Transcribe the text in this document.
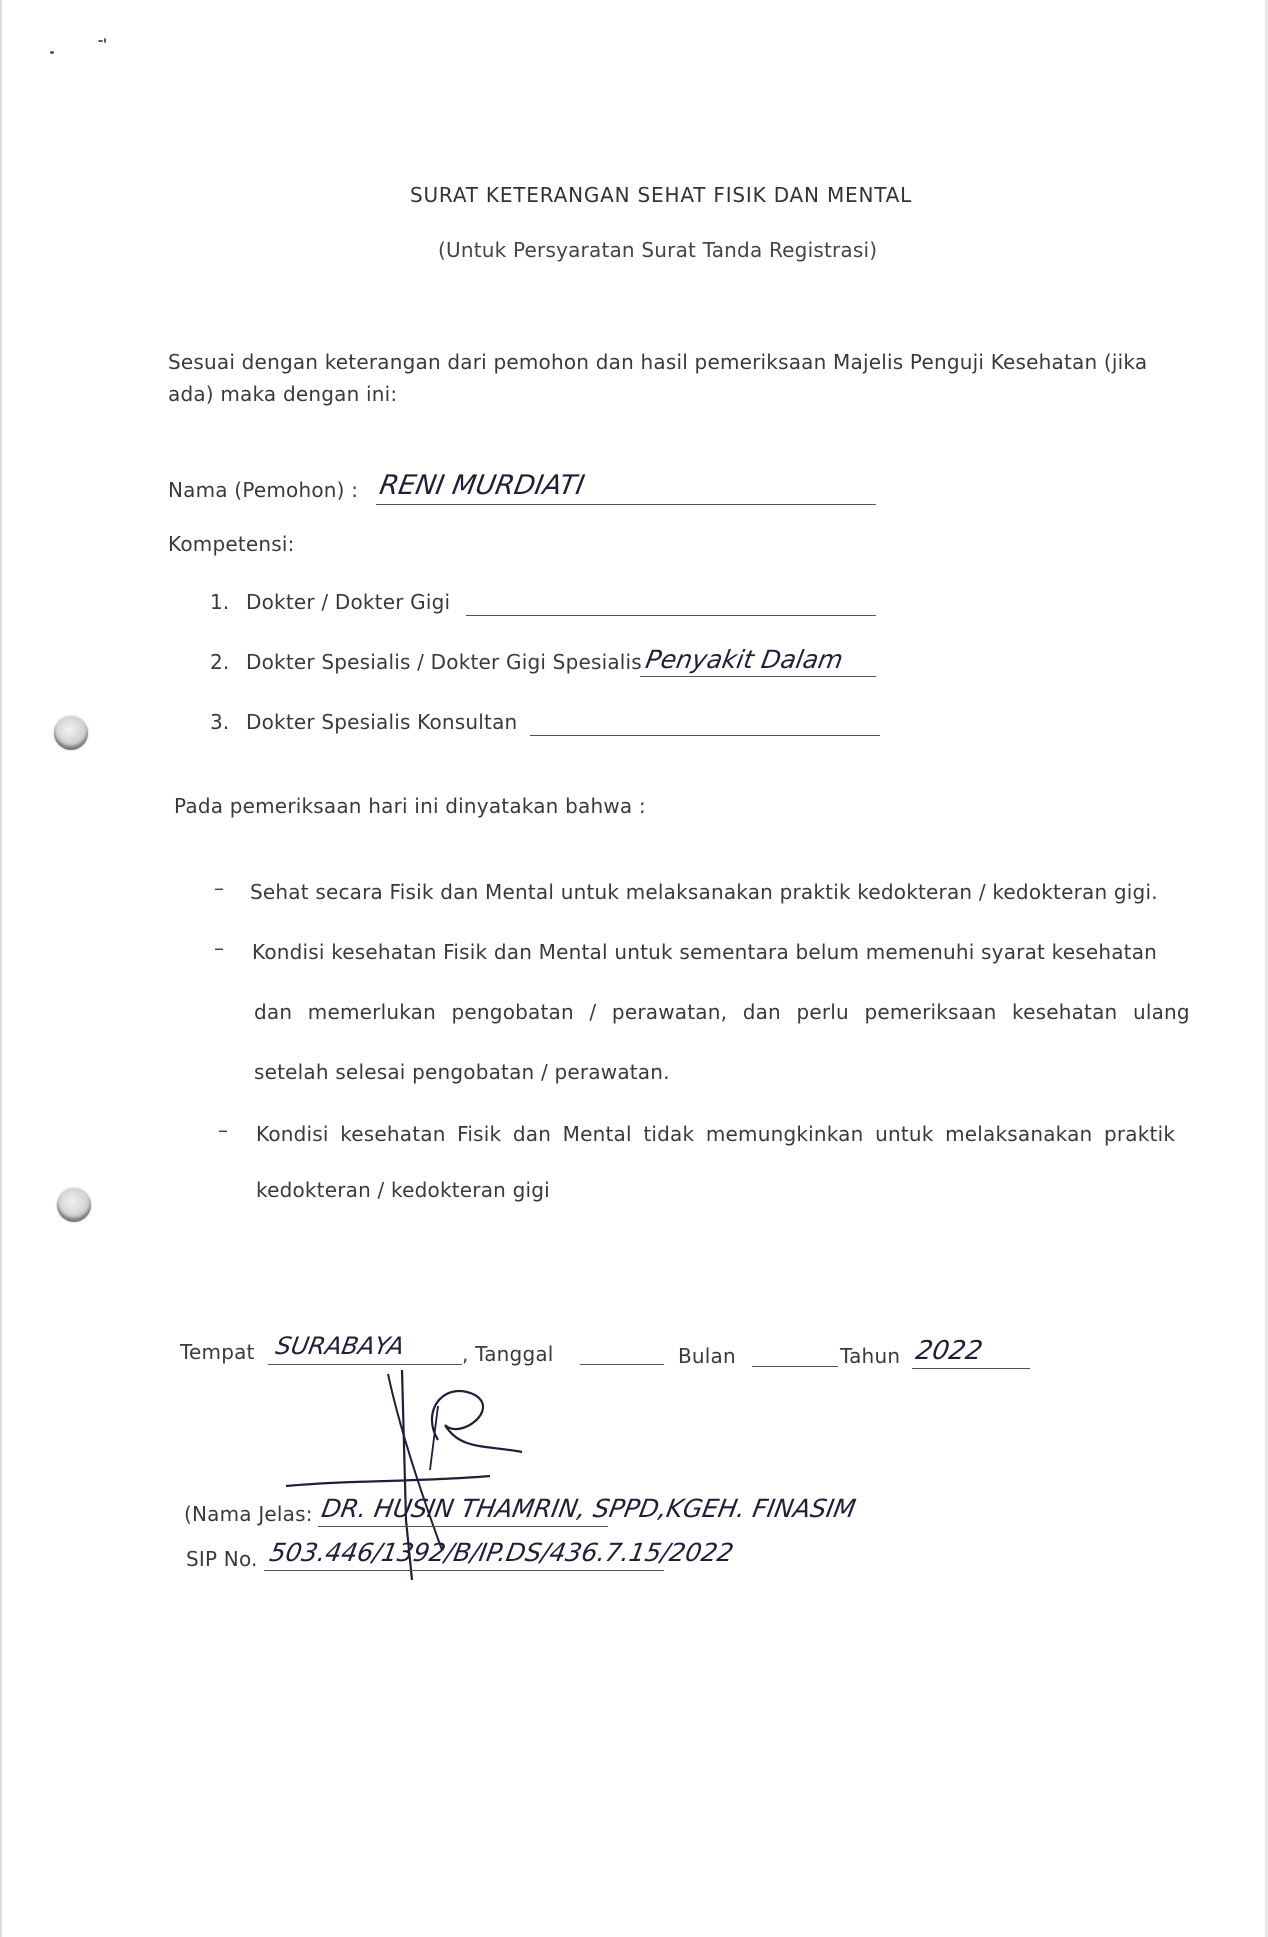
SURAT KETERANGAN SEHAT FISIK DAN MENTAL
(Untuk Persyaratan Surat Tanda Registrasi)
Sesuai dengan keterangan dari pemohon dan hasil pemeriksaan Majelis Penguji Kesehatan (jika
ada) maka dengan ini:
Nama (Pemohon) : RENI MURDIATI
Kompetensi:
1. Dokter / Dokter Gigi
2. Dokter Spesialis / Dokter Gigi Spesialis Penyakit Dalam
3. Dokter Spesialis Konsultan
Pada pemeriksaan hari ini dinyatakan bahwa :
– Sehat secara Fisik dan Mental untuk melaksanakan praktik kedokteran / kedokteran gigi.
– Kondisi kesehatan Fisik dan Mental untuk sementara belum memenuhi syarat kesehatan
dan memerlukan pengobatan / perawatan, dan perlu pemeriksaan kesehatan ulang
setelah selesai pengobatan / perawatan.
– Kondisi kesehatan Fisik dan Mental tidak memungkinkan untuk melaksanakan praktik
kedokteran / kedokteran gigi
Tempat SURABAYA	, Tanggal	Bulan	Tahun 2022
(Nama Jelas: DR. HUSIN THAMRIN, SPPD,KGEH. FINASIM
SIP No. 503.446/1392/B/IP.DS/436.7.15/2022
